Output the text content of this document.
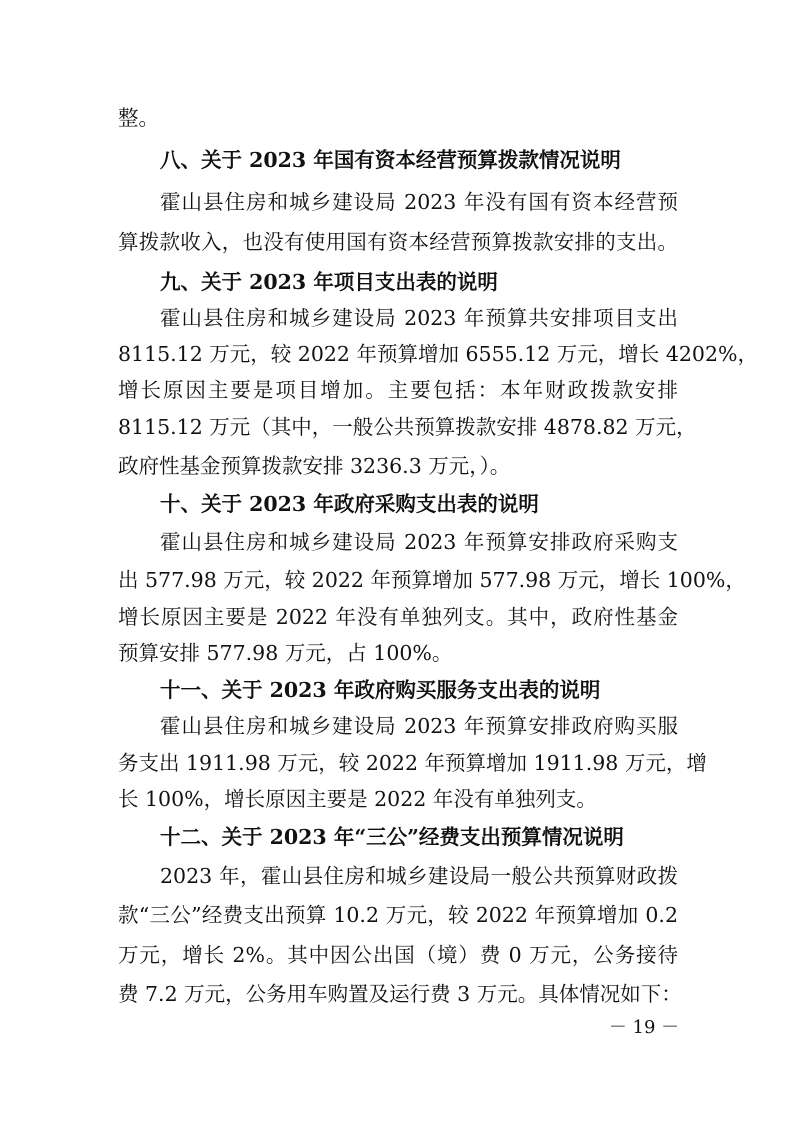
整。
八、关于 2023 年国有资本经营预算拨款情况说明
霍山县住房和城乡建设局 2023 年没有国有资本经营预
算拨款收入，也没有使用国有资本经营预算拨款安排的支出。
九、关于 2023 年项目支出表的说明
霍山县住房和城乡建设局 2023 年预算共安排项目支出
8115.12 万元，较 2022 年预算增加 6555.12 万元，增长 4202%，
增长原因主要是项目增加。主要包括：本年财政拨款安排
8115.12 万元（其中，一般公共预算拨款安排 4878.82 万元，
政府性基金预算拨款安排 3236.3 万元，）。
十、关于 2023 年政府采购支出表的说明
霍山县住房和城乡建设局 2023 年预算安排政府采购支
出 577.98 万元，较 2022 年预算增加 577.98 万元，增长 100%，
增长原因主要是 2022 年没有单独列支。其中，政府性基金
预算安排 577.98 万元，占 100%。
十一、关于 2023 年政府购买服务支出表的说明
霍山县住房和城乡建设局 2023 年预算安排政府购买服
务支出 1911.98 万元，较 2022 年预算增加 1911.98 万元，增
长 100%，增长原因主要是 2022 年没有单独列支。
十二、关于 2023 年“三公”经费支出预算情况说明
2023 年，霍山县住房和城乡建设局一般公共预算财政拨
款“三公”经费支出预算 10.2 万元，较 2022 年预算增加 0.2
万元，增长 2%。其中因公出国（境）费 0 万元，公务接待
费 7.2 万元，公务用车购置及运行费 3 万元。具体情况如下：
－ 19 －
